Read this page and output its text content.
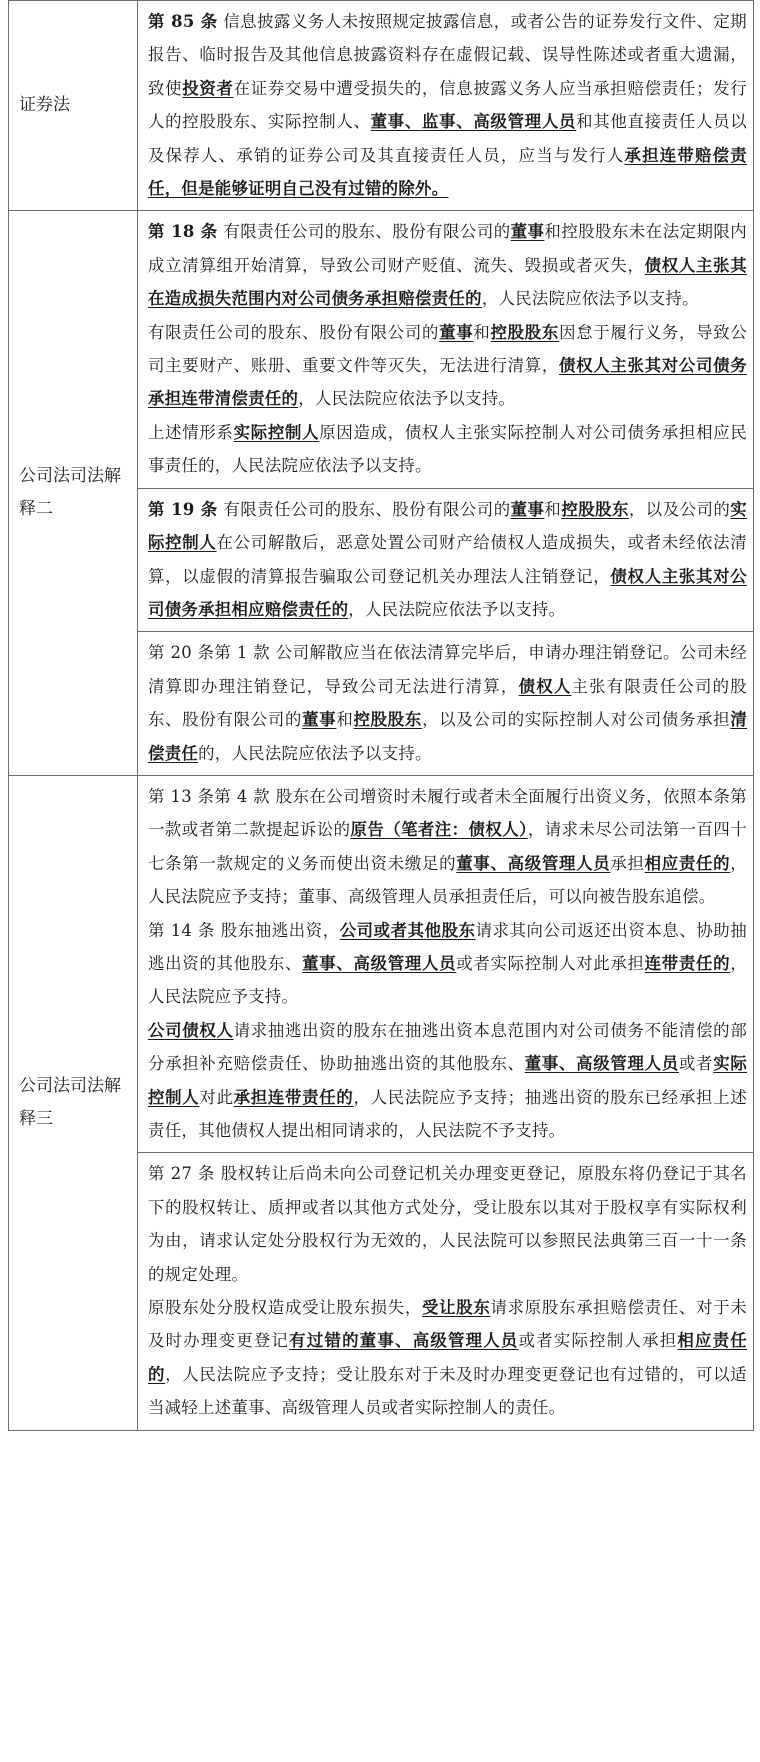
证券法	第 85 条 信息披露义务人未按照规定披露信息，或者公告的证券发行文件、定期报告、临时报告及其他信息披露资料存在虚假记载、误导性陈述或者重大遗漏，致使投资者在证券交易中遭受损失的，信息披露义务人应当承担赔偿责任；发行人的控股股东、实际控制人、董事、监事、高级管理人员和其他直接责任人员以及保荐人、承销的证券公司及其直接责任人员，应当与发行人承担连带赔偿责任，但是能够证明自己没有过错的除外。

公司法司法解释二	第 18 条 有限责任公司的股东、股份有限公司的董事和控股股东未在法定期限内成立清算组开始清算，导致公司财产贬值、流失、毁损或者灭失，债权人主张其在造成损失范围内对公司债务承担赔偿责任的，人民法院应依法予以支持。

有限责任公司的股东、股份有限公司的董事和控股股东因怠于履行义务，导致公司主要财产、账册、重要文件等灭失，无法进行清算，债权人主张其对公司债务承担连带清偿责任的，人民法院应依法予以支持。

上述情形系实际控制人原因造成，债权人主张实际控制人对公司债务承担相应民事责任的，人民法院应依法予以支持。

	第 19 条 有限责任公司的股东、股份有限公司的董事和控股股东，以及公司的实际控制人在公司解散后，恶意处置公司财产给债权人造成损失，或者未经依法清算，以虚假的清算报告骗取公司登记机关办理法人注销登记，债权人主张其对公司债务承担相应赔偿责任的，人民法院应依法予以支持。

	第 20 条第 1 款 公司解散应当在依法清算完毕后，申请办理注销登记。公司未经清算即办理注销登记，导致公司无法进行清算，债权人主张有限责任公司的股东、股份有限公司的董事和控股股东，以及公司的实际控制人对公司债务承担清偿责任的，人民法院应依法予以支持。

公司法司法解释三	第 13 条第 4 款 股东在公司增资时未履行或者未全面履行出资义务，依照本条第一款或者第二款提起诉讼的原告（笔者注：债权人），请求未尽公司法第一百四十七条第一款规定的义务而使出资未缴足的董事、高级管理人员承担相应责任的，人民法院应予支持；董事、高级管理人员承担责任后，可以向被告股东追偿。

第 14 条 股东抽逃出资，公司或者其他股东请求其向公司返还出资本息、协助抽逃出资的其他股东、董事、高级管理人员或者实际控制人对此承担连带责任的，人民法院应予支持。

公司债权人请求抽逃出资的股东在抽逃出资本息范围内对公司债务不能清偿的部分承担补充赔偿责任、协助抽逃出资的其他股东、董事、高级管理人员或者实际控制人对此承担连带责任的，人民法院应予支持；抽逃出资的股东已经承担上述责任，其他债权人提出相同请求的，人民法院不予支持。

	第 27 条 股权转让后尚未向公司登记机关办理变更登记，原股东将仍登记于其名下的股权转让、质押或者以其他方式处分，受让股东以其对于股权享有实际权利为由，请求认定处分股权行为无效的，人民法院可以参照民法典第三百一十一条的规定处理。

原股东处分股权造成受让股东损失，受让股东请求原股东承担赔偿责任、对于未及时办理变更登记有过错的董事、高级管理人员或者实际控制人承担相应责任的，人民法院应予支持；受让股东对于未及时办理变更登记也有过错的，可以适当减轻上述董事、高级管理人员或者实际控制人的责任。
